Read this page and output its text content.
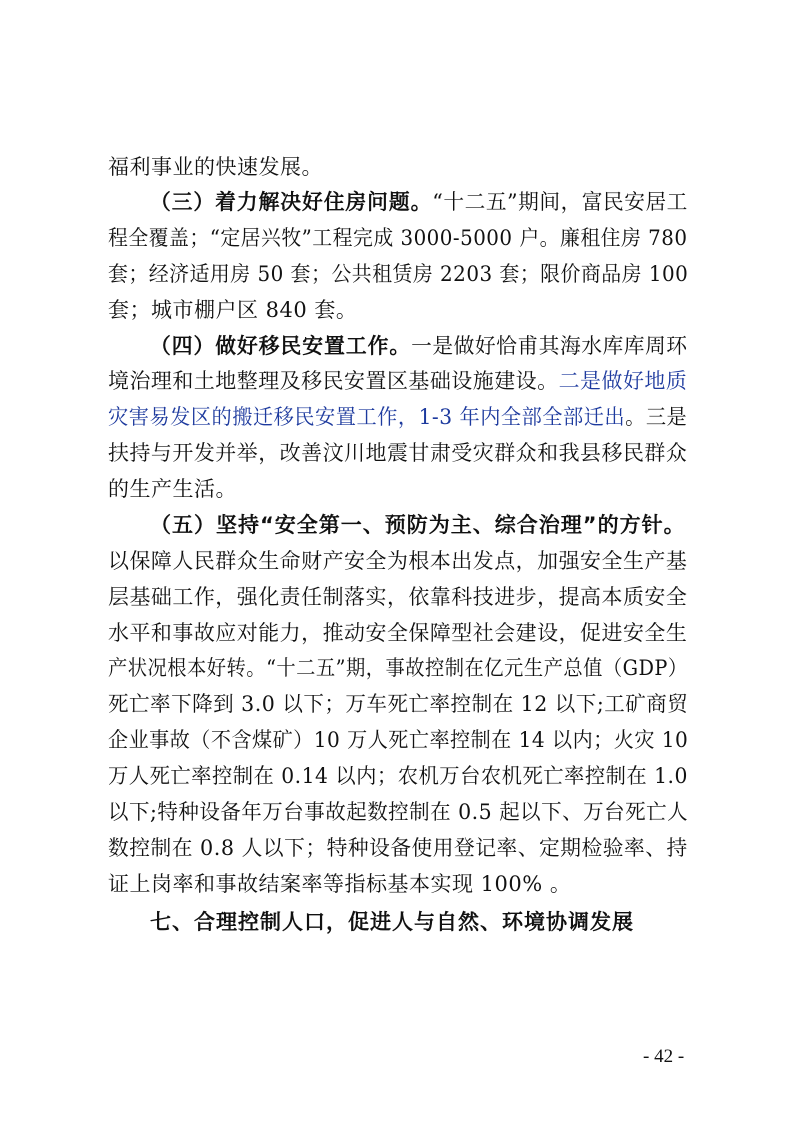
福利事业的快速发展。
（三）着力解决好住房问题。“十二五”期间，富民安居工
程全覆盖；“定居兴牧”工程完成 3000-5000 户。廉租住房 780
套；经济适用房 50 套；公共租赁房 2203 套；限价商品房 100
套；城市棚户区 840 套。
（四）做好移民安置工作。一是做好恰甫其海水库库周环
境治理和土地整理及移民安置区基础设施建设。二是做好地质
灾害易发区的搬迁移民安置工作，1-3 年内全部全部迁出。三是
扶持与开发并举，改善汶川地震甘肃受灾群众和我县移民群众
的生产生活。
（五）坚持“安全第一、预防为主、综合治理”的方针。
以保障人民群众生命财产安全为根本出发点，加强安全生产基
层基础工作，强化责任制落实，依靠科技进步，提高本质安全
水平和事故应对能力，推动安全保障型社会建设，促进安全生
产状况根本好转。“十二五”期，事故控制在亿元生产总值（GDP）
死亡率下降到 3.0 以下；万车死亡率控制在 12 以下;工矿商贸
企业事故（不含煤矿）10 万人死亡率控制在 14 以内；火灾 10
万人死亡率控制在 0.14 以内；农机万台农机死亡率控制在 1.0
以下;特种设备年万台事故起数控制在 0.5 起以下、万台死亡人
数控制在 0.8 人以下；特种设备使用登记率、定期检验率、持
证上岗率和事故结案率等指标基本实现 100% 。
七、合理控制人口，促进人与自然、环境协调发展
- 42 -
